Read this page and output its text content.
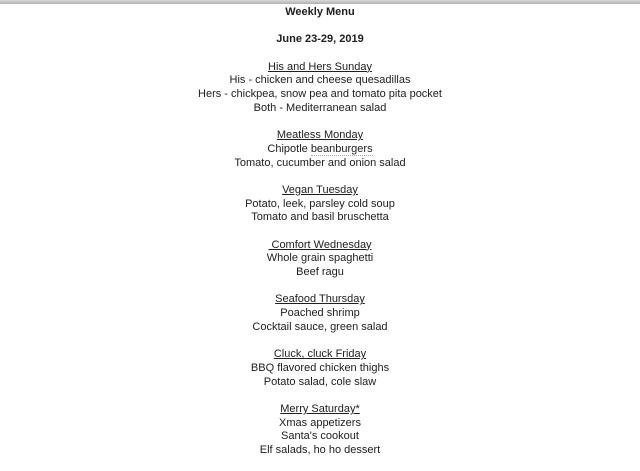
Weekly Menu
June 23-29, 2019
His and Hers Sunday
His - chicken and cheese quesadillas
Hers - chickpea, snow pea and tomato pita pocket
Both - Mediterranean salad
Meatless Monday
Chipotle beanburgers
Tomato, cucumber and onion salad
Vegan Tuesday
Potato, leek, parsley cold soup
Tomato and basil bruschetta
Comfort Wednesday
Whole grain spaghetti
Beef ragu
Seafood Thursday
Poached shrimp
Cocktail sauce, green salad
Cluck, cluck Friday
BBQ flavored chicken thighs
Potato salad, cole slaw
Merry Saturday*
Xmas appetizers
Santa's cookout
Elf salads, ho ho dessert
